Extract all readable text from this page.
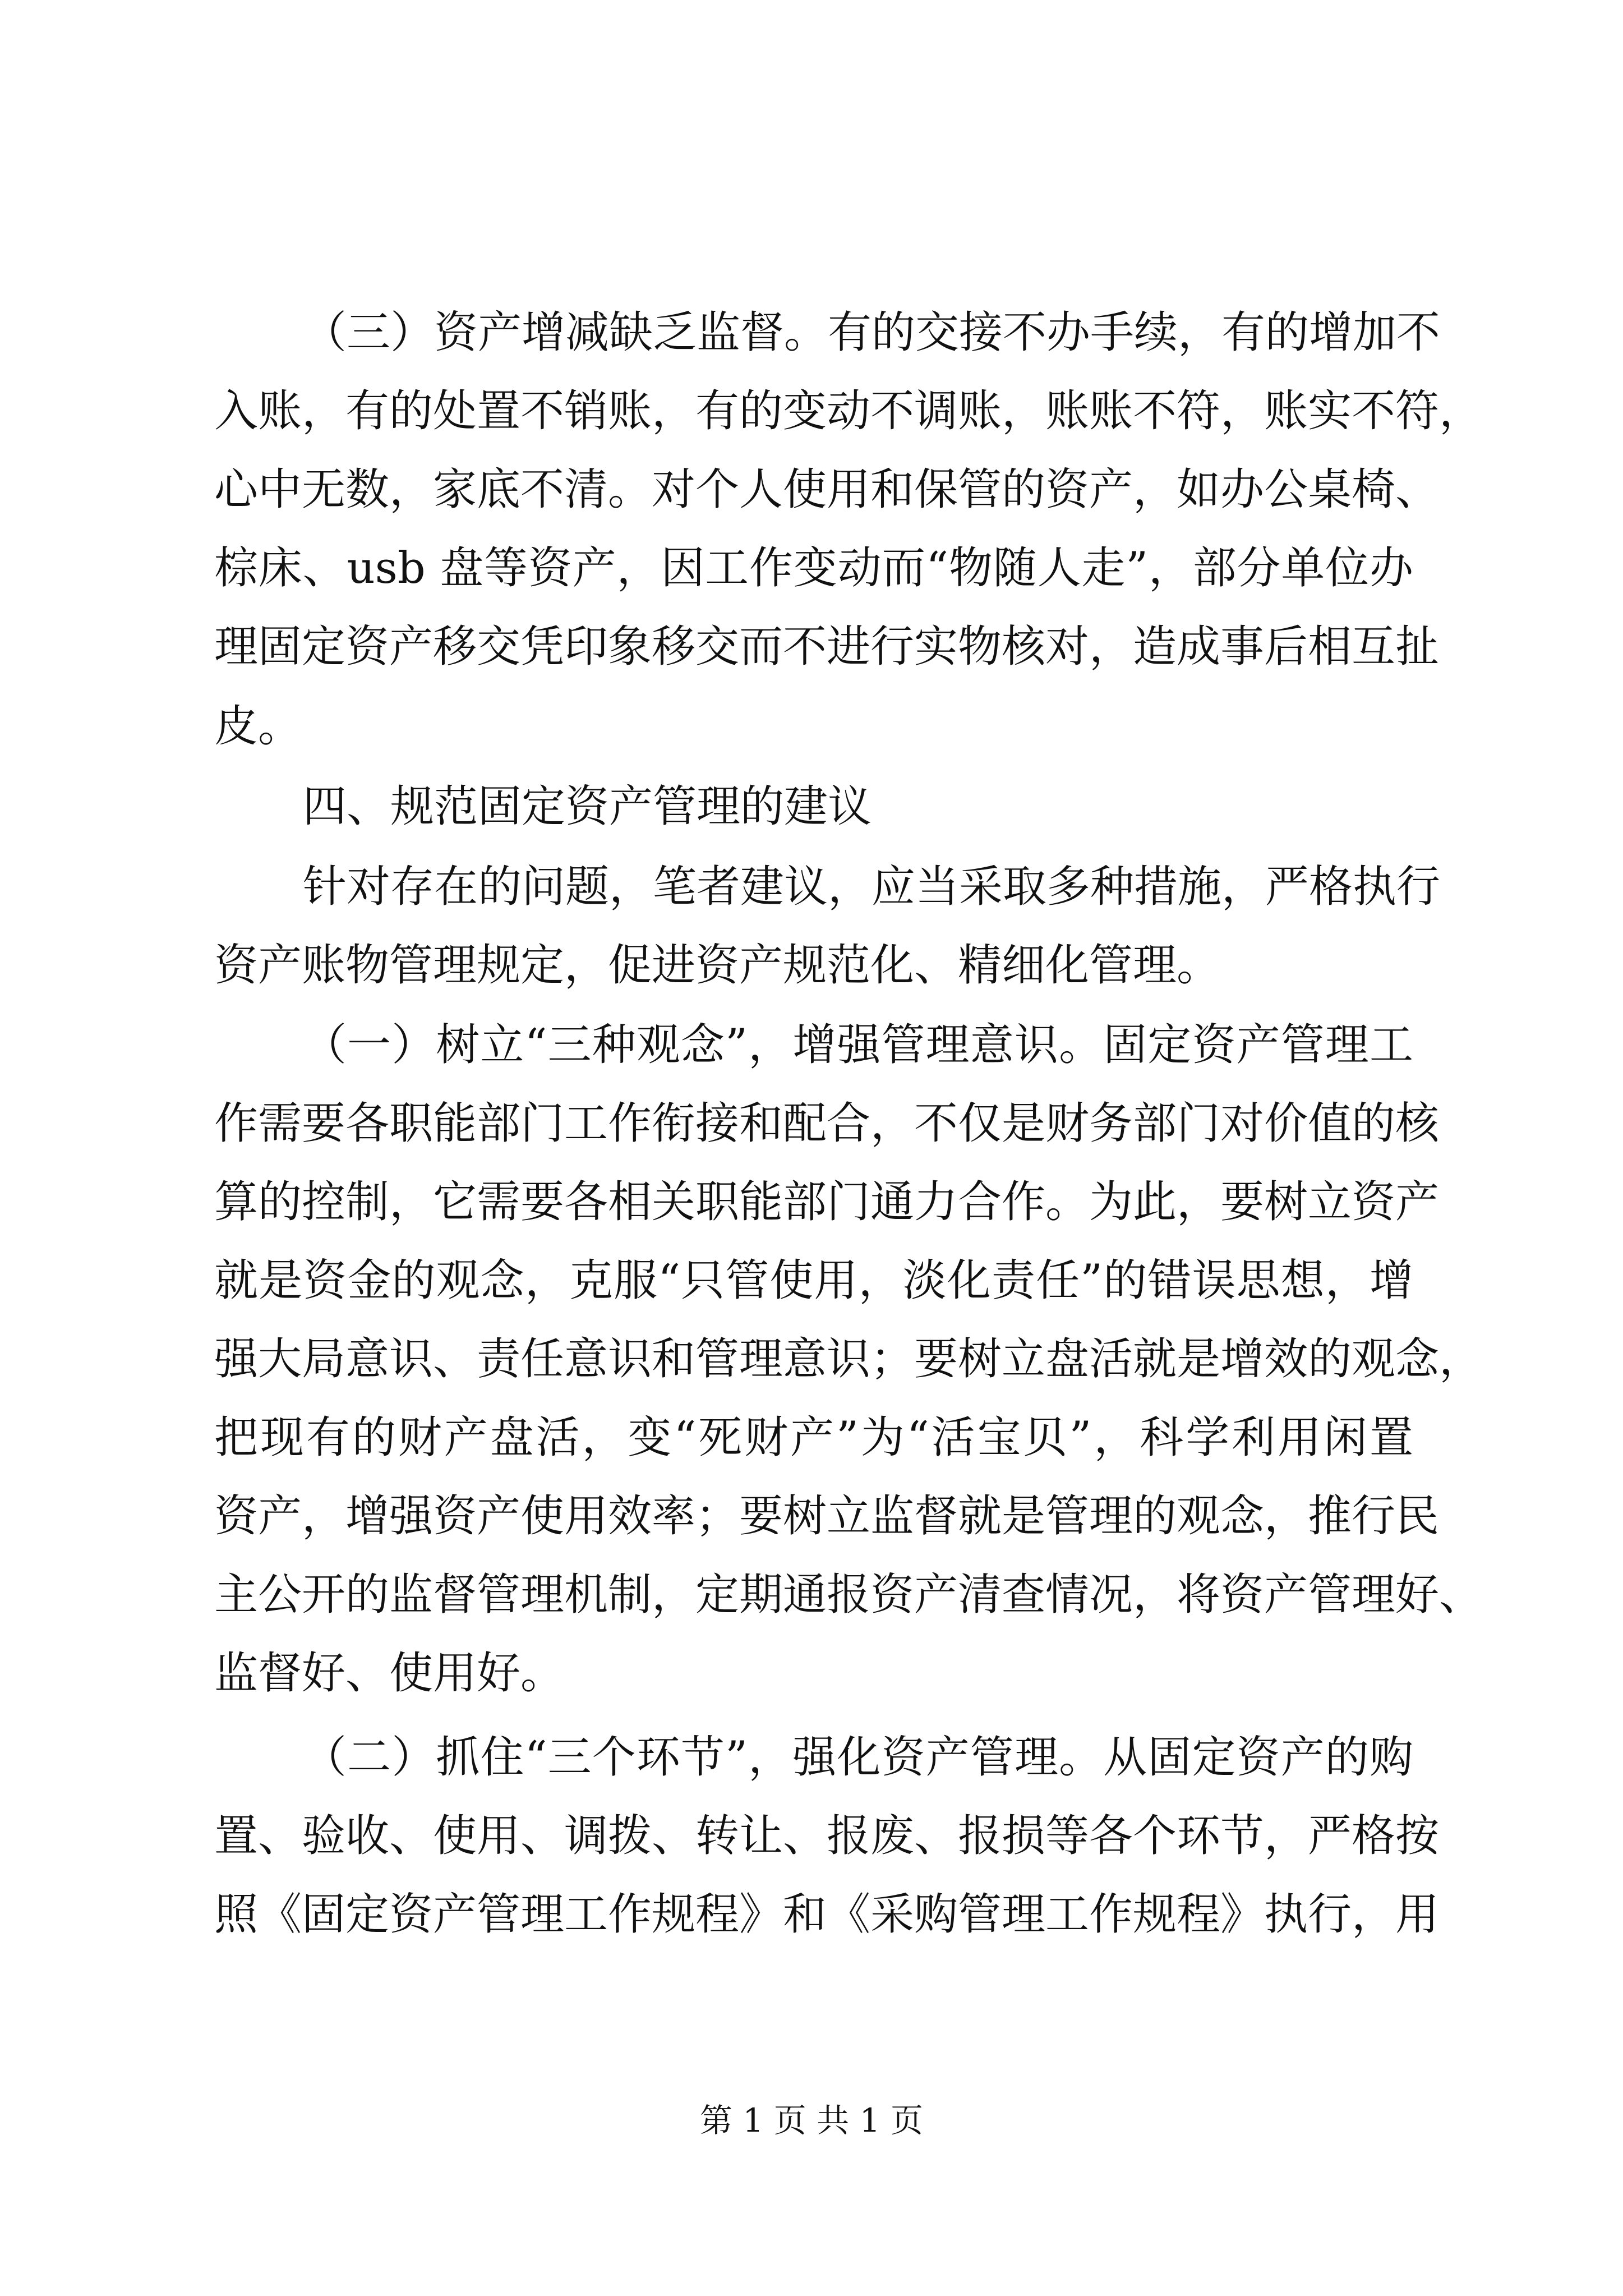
（三）资产增减缺乏监督。有的交接不办手续，有的增加不
入账，有的处置不销账，有的变动不调账，账账不符，账实不符，
心中无数，家底不清。对个人使用和保管的资产，如办公桌椅、
棕床、usb 盘等资产，因工作变动而“物随人走”，部分单位办
理固定资产移交凭印象移交而不进行实物核对，造成事后相互扯
皮。
四、规范固定资产管理的建议
针对存在的问题，笔者建议，应当采取多种措施，严格执行
资产账物管理规定，促进资产规范化、精细化管理。
（一）树立“三种观念”，增强管理意识。固定资产管理工
作需要各职能部门工作衔接和配合，不仅是财务部门对价值的核
算的控制，它需要各相关职能部门通力合作。为此，要树立资产
就是资金的观念，克服“只管使用，淡化责任”的错误思想，增
强大局意识、责任意识和管理意识；要树立盘活就是增效的观念，
把现有的财产盘活，变“死财产”为“活宝贝”，科学利用闲置
资产，增强资产使用效率；要树立监督就是管理的观念，推行民
主公开的监督管理机制，定期通报资产清查情况，将资产管理好、
监督好、使用好。
（二）抓住“三个环节”，强化资产管理。从固定资产的购
置、验收、使用、调拨、转让、报废、报损等各个环节，严格按
照《固定资产管理工作规程》和《采购管理工作规程》执行，用
第 1 页 共 1 页
